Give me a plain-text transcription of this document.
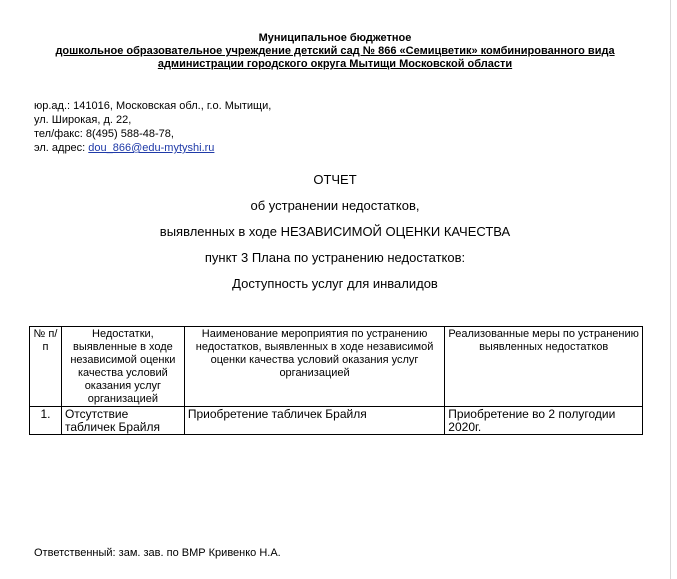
Муниципальное бюджетное
дошкольное образовательное учреждение детский сад № 866 «Семицветик» комбинированного вида
администрации городского округа Мытищи Московской области
юр.ад.: 141016, Московская обл., г.о. Мытищи,
ул. Широкая, д. 22,
тел/факс: 8(495) 588-48-78,
эл. адрес: dou_866@edu-mytyshi.ru
ОТЧЕТ
об устранении недостатков,
выявленных в ходе НЕЗАВИСИМОЙ ОЦЕНКИ КАЧЕСТВА
пункт 3 Плана по устранению недостатков:
Доступность услуг для инвалидов
№ п/п	Недостатки, выявленные в ходе независимой оценки качества условий оказания услуг организацией	Наименование мероприятия по устранению недостатков, выявленных в ходе независимой оценки качества условий оказания услуг организацией	Реализованные меры по устранению выявленных недостатков
1.	Отсутствие табличек Брайля	Приобретение табличек Брайля	Приобретение во 2 полугодии 2020г.
Ответственный: зам. зав. по ВМР Кривенко Н.А.
